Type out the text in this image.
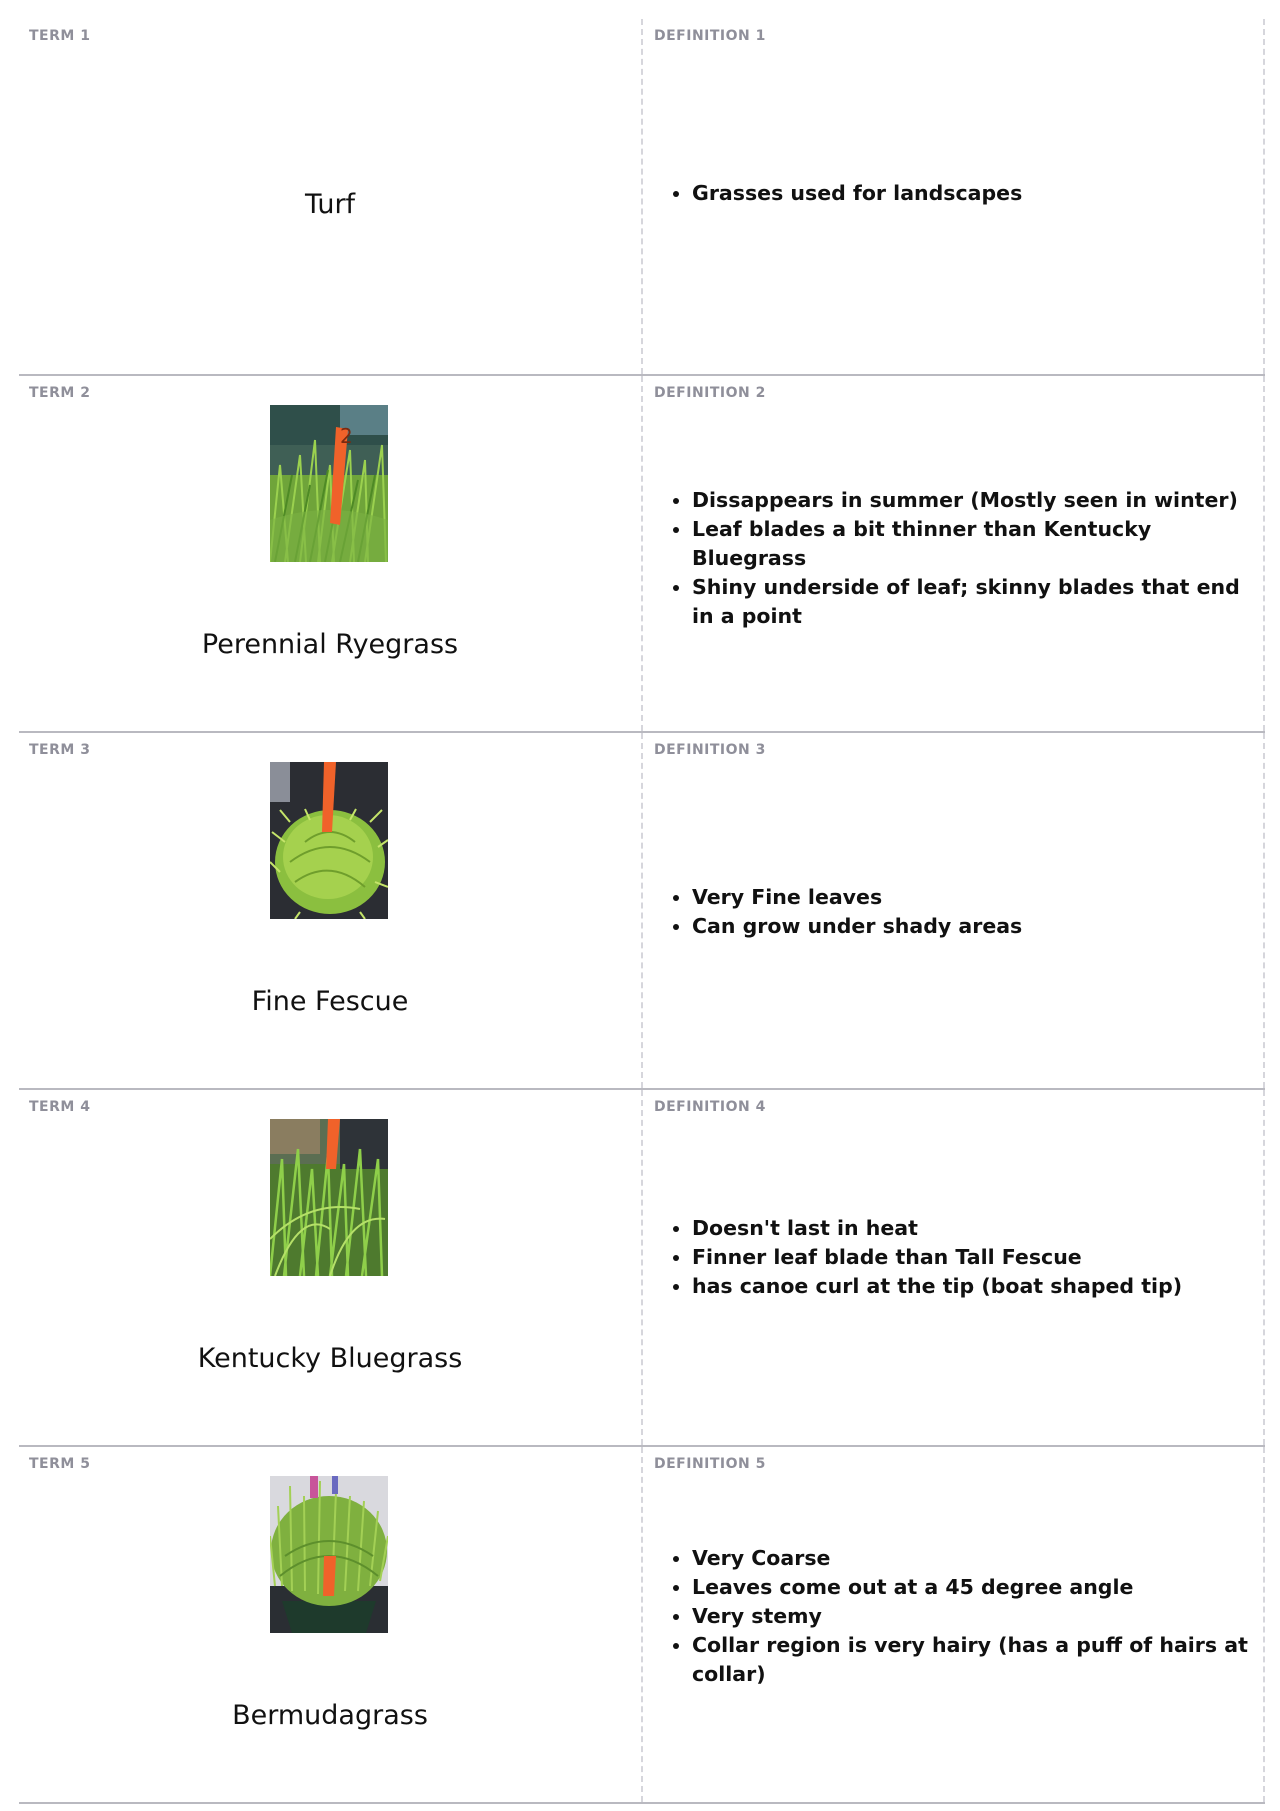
TERM 1
Turf
DEFINITION 1
• Grasses used for landscapes
TERM 2
2
Perennial Ryegrass
DEFINITION 2
• Dissappears in summer (Mostly seen in winter)
• Leaf blades a bit thinner than Kentucky Bluegrass
• Shiny underside of leaf; skinny blades that end in a point
TERM 3
Fine Fescue
DEFINITION 3
• Very Fine leaves
• Can grow under shady areas
TERM 4
Kentucky Bluegrass
DEFINITION 4
• Doesn't last in heat
• Finner leaf blade than Tall Fescue
• has canoe curl at the tip (boat shaped tip)
TERM 5
Bermudagrass
DEFINITION 5
• Very Coarse
• Leaves come out at a 45 degree angle
• Very stemy
• Collar region is very hairy (has a puff of hairs at collar)
